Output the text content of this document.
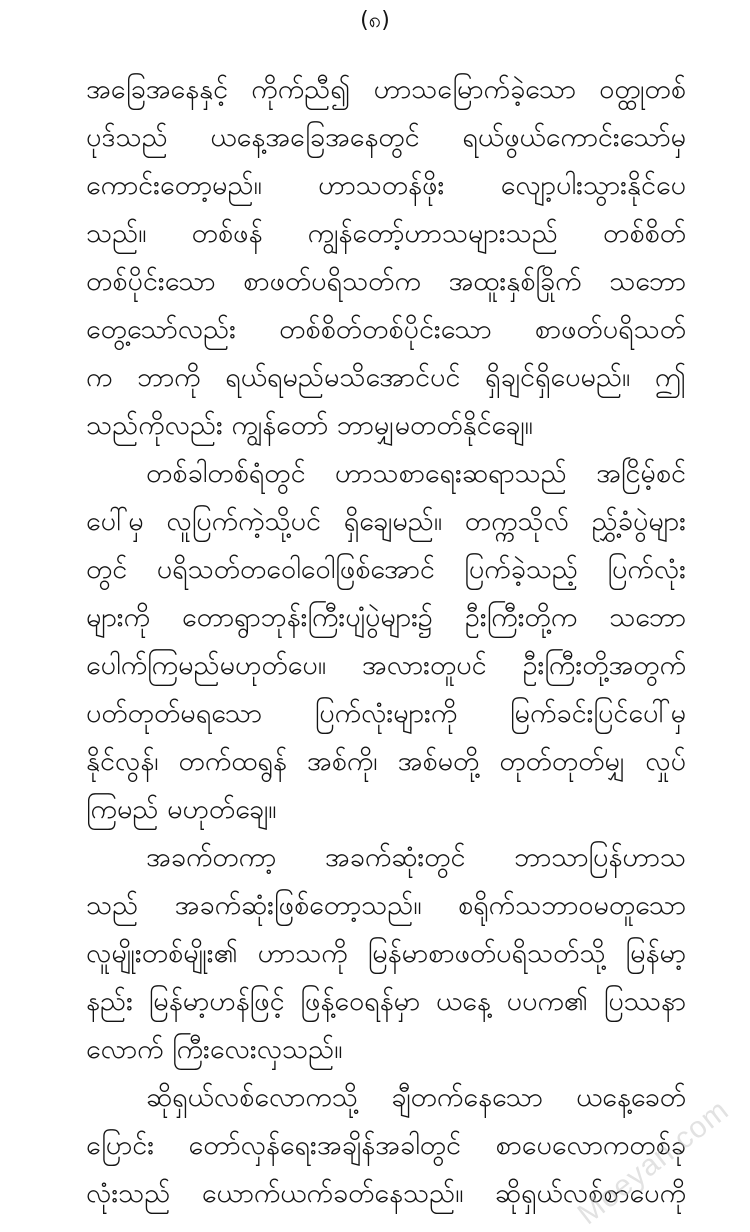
(၈)
အခြေအနေနှင့် ကိုက်ညီ၍ ဟာသမြောက်ခဲ့သော ဝတ္ထုတစ်
ပုဒ်သည် ယနေ့အခြေအနေတွင် ရယ်ဖွယ်ကောင်းသော်မှ
ကောင်းတော့မည်။ ဟာသတန်ဖိုး လျော့ပါးသွားနိုင်ပေ
သည်။ တစ်ဖန် ကျွန်တော့်ဟာသများသည် တစ်စိတ်
တစ်ပိုင်းသော စာဖတ်ပရိသတ်က အထူးနှစ်ခြိုက် သဘော
တွေ့သော်လည်း တစ်စိတ်တစ်ပိုင်းသော စာဖတ်ပရိသတ်
က ဘာကို ရယ်ရမည်မသိအောင်ပင် ရှိချင်ရှိပေမည်။ ဤ
သည်ကိုလည်း ကျွန်တော် ဘာမျှမတတ်နိုင်ချေ။
တစ်ခါတစ်ရံတွင် ဟာသစာရေးဆရာသည် အငြိမ့်စင်
ပေါ်မှ လူပြက်ကဲ့သို့ပင် ရှိချေမည်။ တက္ကသိုလ် ညွှ့်ခံပွဲများ
တွင် ပရိသတ်တဝေါဝေါဖြစ်အောင် ပြက်ခဲ့သည့် ပြက်လုံး
များကို တောရွာဘုန်းကြီးပျံပွဲများ၌ ဦးကြီးတို့က သဘော
ပေါက်ကြမည်မဟုတ်ပေ။ အလားတူပင် ဦးကြီးတို့အတွက်
ပတ်တုတ်မရသော ပြက်လုံးများကို မြက်ခင်းပြင်ပေါ်မှ
နိုင်လွန်၊ တက်ထရွန် အစ်ကို၊ အစ်မတို့ တုတ်တုတ်မျှ လှုပ်
ကြမည် မဟုတ်ချေ။
အခက်တကာ့ အခက်ဆုံးတွင် ဘာသာပြန်ဟာသ
သည် အခက်ဆုံးဖြစ်တော့သည်။ စရိုက်သဘာဝမတူသော
လူမျိုးတစ်မျိုး၏ ဟာသကို မြန်မာစာဖတ်ပရိသတ်သို့ မြန်မာ့
နည်း မြန်မာ့ဟန်ဖြင့် ဖြန့်ဝေရန်မှာ ယနေ့ ပပက၏ ပြဿနာ
လောက် ကြီးလေးလှသည်။
ဆိုရှယ်လစ်လောကသို့ ချီတက်နေသော ယနေ့ခေတ်
ပြောင်း တော်လှန်ရေးအချိန်အခါတွင် စာပေလောကတစ်ခု
လုံးသည် ယောက်ယက်ခတ်နေသည်။ ဆိုရှယ်လစ်စာပေကို
Moeyan.com
